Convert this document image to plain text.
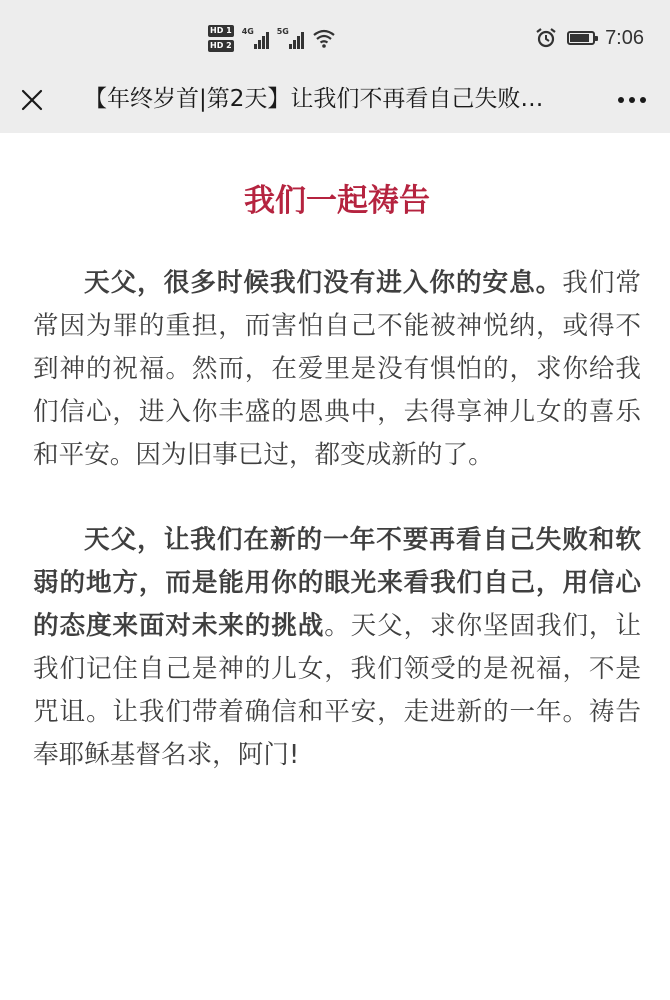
HD 1
HD 2
4G	5G	7:06
【年终岁首|第2天】让我们不再看自己失败…
我们一起祷告

天父，很多时候我们没有进入你的安息。我们常常因为罪的重担，而害怕自己不能被神悦纳，或得不到神的祝福。然而，在爱里是没有惧怕的，求你给我们信心，进入你丰盛的恩典中，去得享神儿女的喜乐和平安。因为旧事已过，都变成新的了。

天父，让我们在新的一年不要再看自己失败和软弱的地方，而是能用你的眼光来看我们自己，用信心的态度来面对未来的挑战。天父，求你坚固我们，让我们记住自己是神的儿女，我们领受的是祝福，不是咒诅。让我们带着确信和平安，走进新的一年。祷告奉耶稣基督名求，阿门!
